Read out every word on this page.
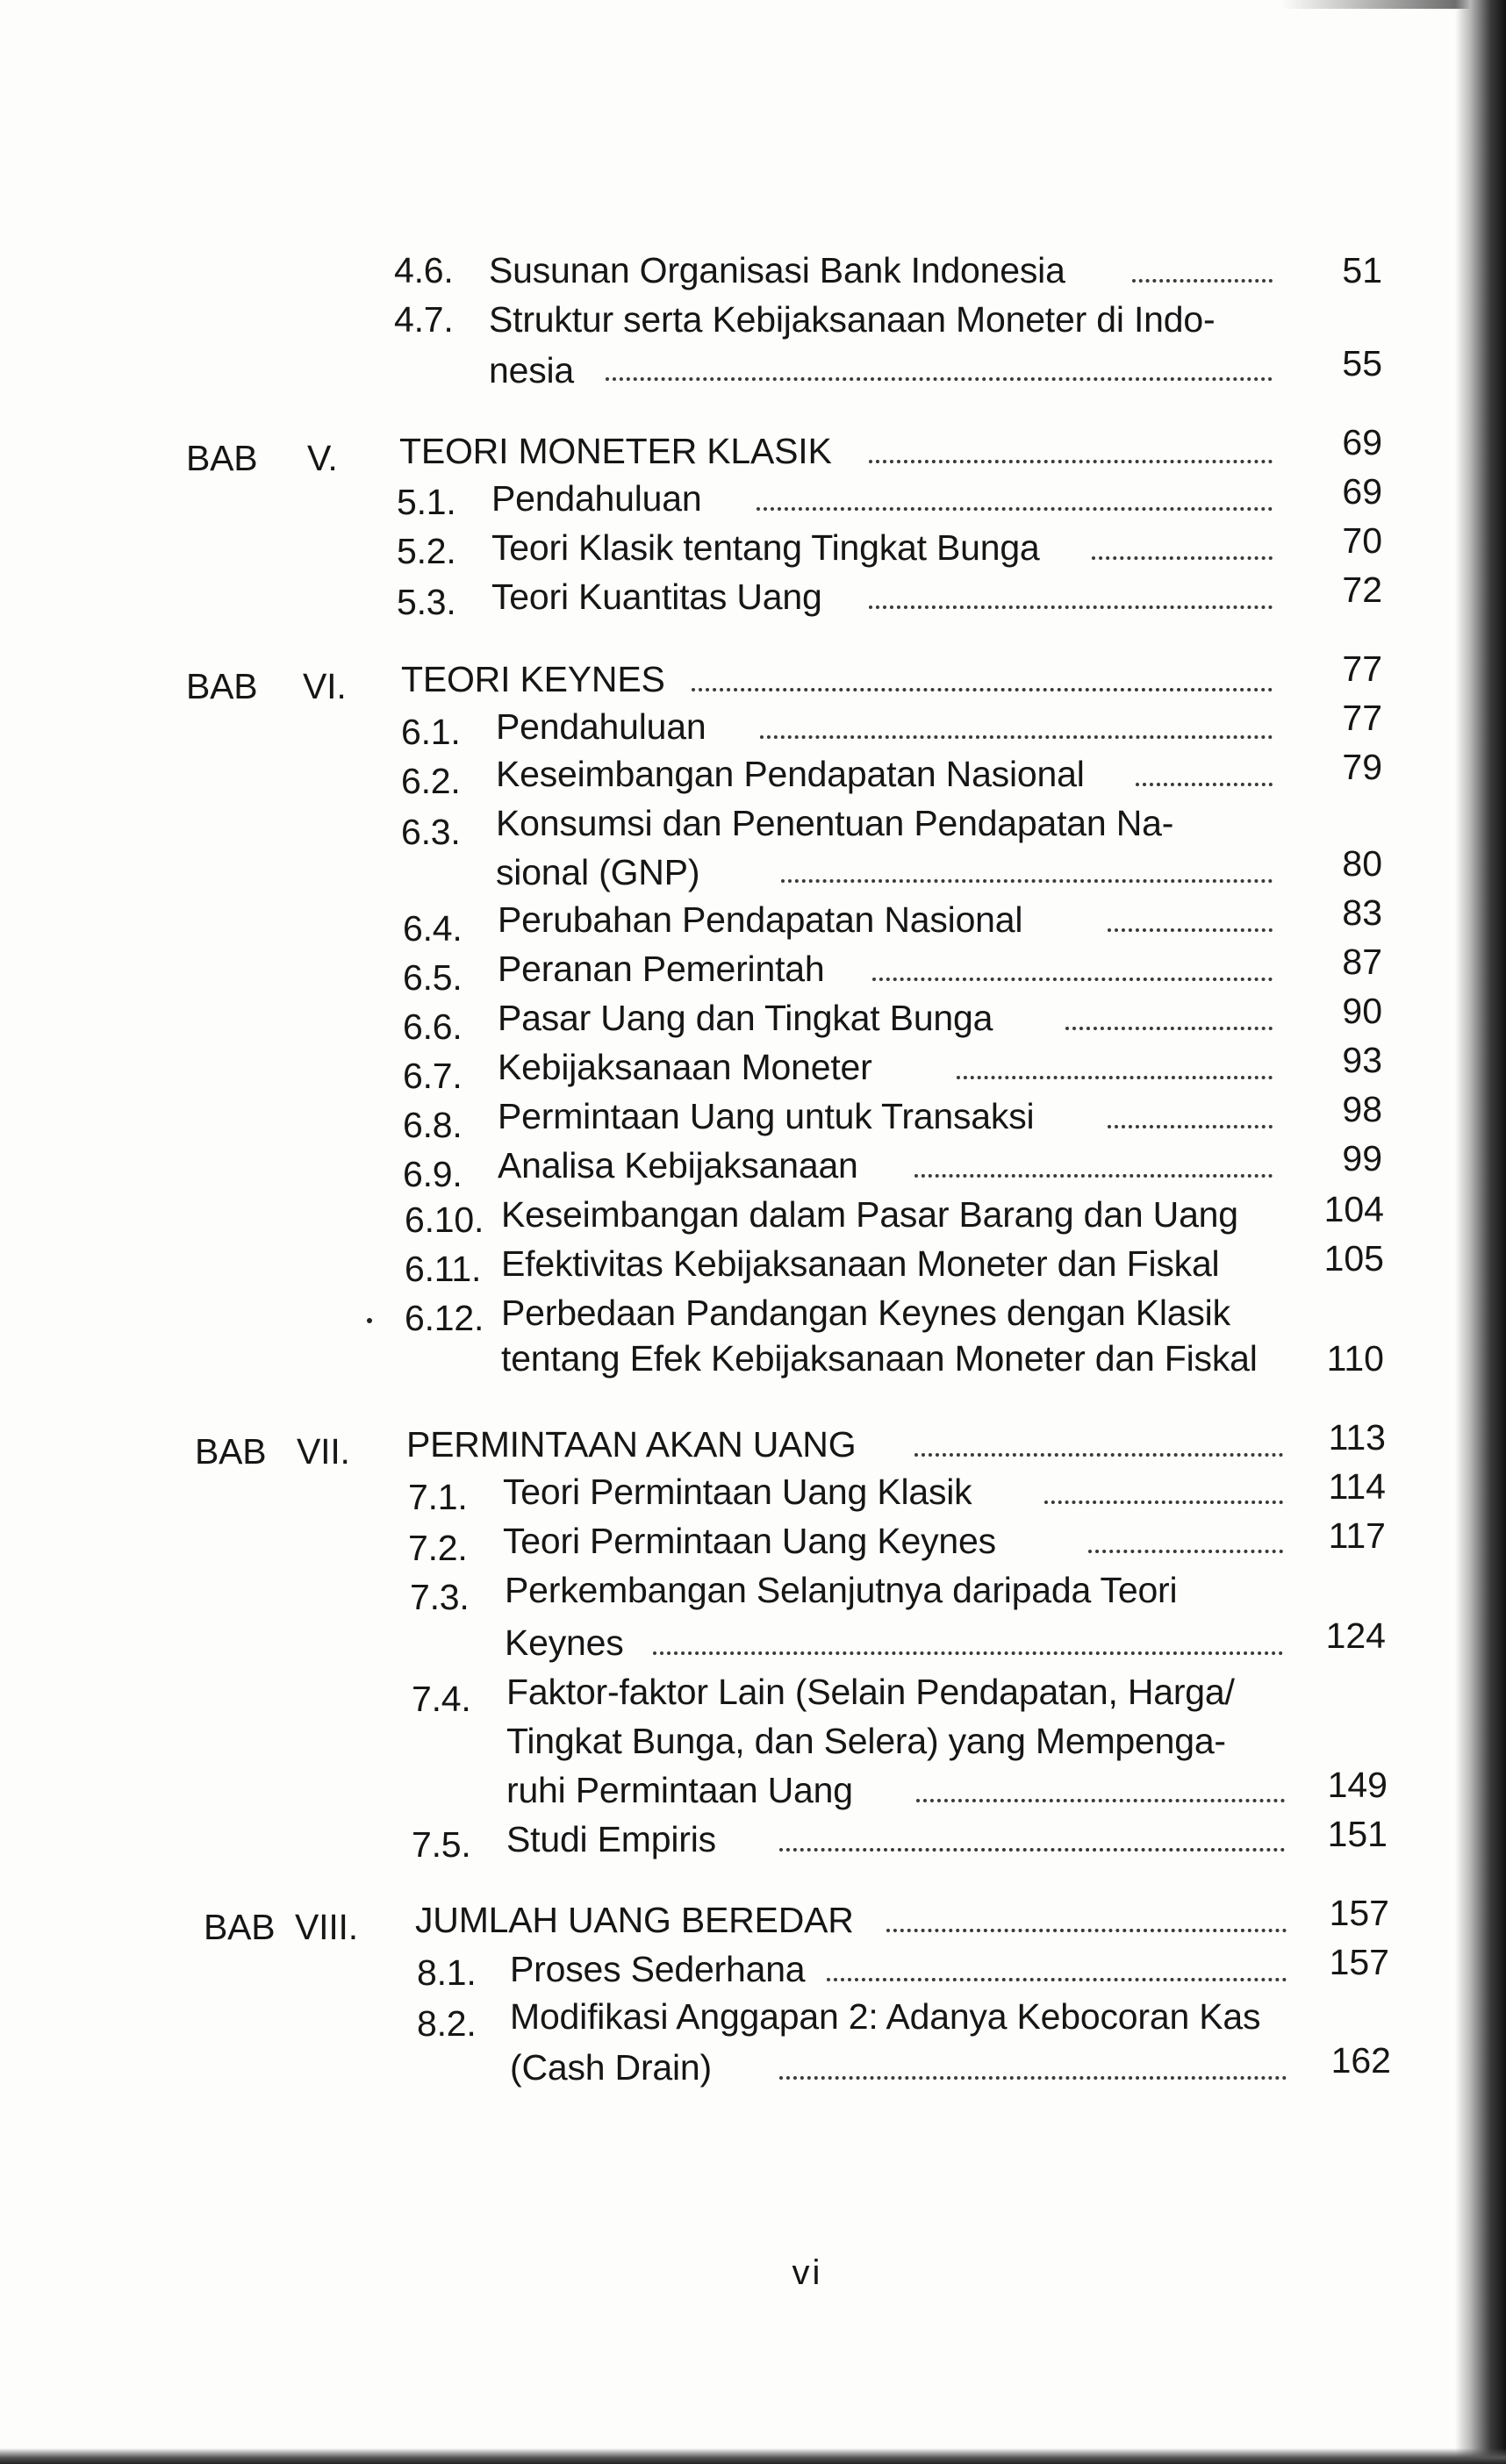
4.6. Susunan Organisasi Bank Indonesia	51
4.7. Struktur serta Kebijaksanaan Moneter di Indo-
nesia	55
BAB V. TEORI MONETER KLASIK	69
5.1. Pendahuluan	69
5.2. Teori Klasik tentang Tingkat Bunga	70
5.3. Teori Kuantitas Uang	72
BAB VI. TEORI KEYNES	77
6.1. Pendahuluan	77
6.2. Keseimbangan Pendapatan Nasional	79
6.3. Konsumsi dan Penentuan Pendapatan Na-
sional (GNP)	80
6.4. Perubahan Pendapatan Nasional	83
6.5. Peranan Pemerintah	87
6.6. Pasar Uang dan Tingkat Bunga	90
6.7. Kebijaksanaan Moneter	93
6.8. Permintaan Uang untuk Transaksi	98
6.9. Analisa Kebijaksanaan	99
6.10. Keseimbangan dalam Pasar Barang dan Uang	104
6.11. Efektivitas Kebijaksanaan Moneter dan Fiskal	105
6.12. Perbedaan Pandangan Keynes dengan Klasik
tentang Efek Kebijaksanaan Moneter dan Fiskal	110
BAB VII. PERMINTAAN AKAN UANG	113
7.1. Teori Permintaan Uang Klasik	114
7.2. Teori Permintaan Uang Keynes	117
7.3. Perkembangan Selanjutnya daripada Teori
Keynes	124
7.4. Faktor-faktor Lain (Selain Pendapatan, Harga/
Tingkat Bunga, dan Selera) yang Mempenga-
ruhi Permintaan Uang	149
7.5. Studi Empiris	151
BAB VIII. JUMLAH UANG BEREDAR	157
8.1. Proses Sederhana	157
8.2. Modifikasi Anggapan 2: Adanya Kebocoran Kas
(Cash Drain)	162
vi
